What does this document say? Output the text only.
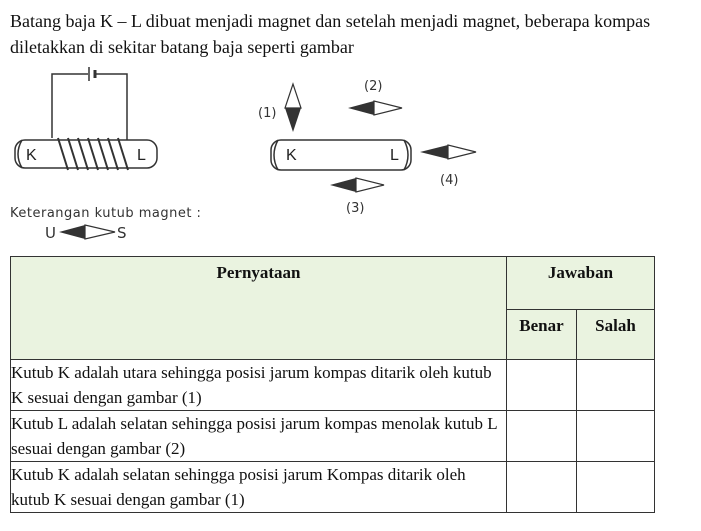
Batang baja K – L dibuat menjadi magnet dan setelah menjadi magnet, beberapa kompas diletakkan di sekitar batang baja seperti gambar

K	L
Keterangan kutub magnet :
U	S
K	L
(1)
(2)
(3)
(4)
Pernyataan	Jawaban	

	Benar	Salah

Kutub K adalah utara sehingga posisi jarum kompas ditarik oleh kutub K sesuai dengan gambar (1)		
Kutub L adalah selatan sehingga posisi jarum kompas menolak kutub L sesuai dengan gambar (2)		
Kutub K adalah selatan sehingga posisi jarum Kompas ditarik oleh kutub K sesuai dengan gambar (1)		
